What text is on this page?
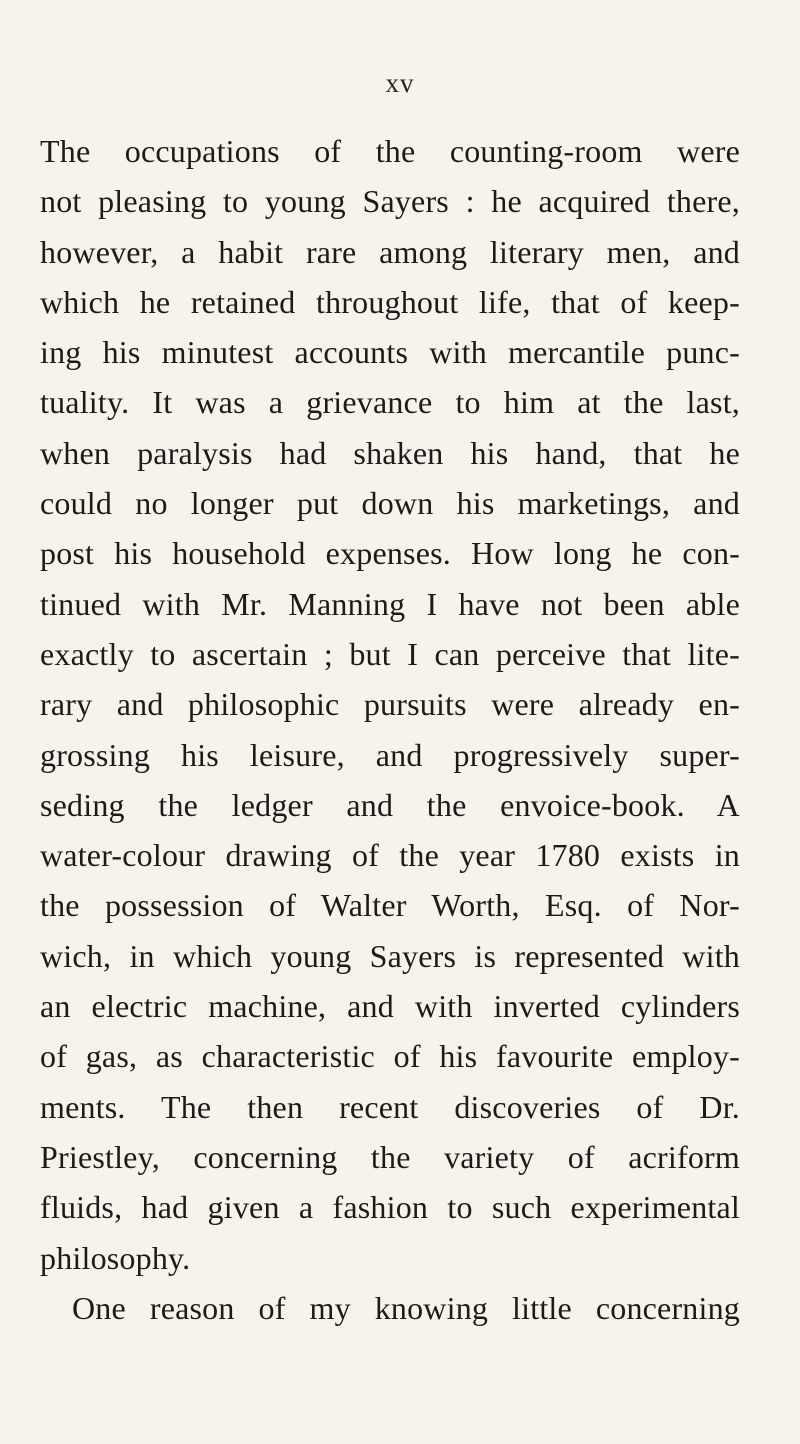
xv
The occupations of the counting-room were
not pleasing to young Sayers : he acquired there,
however, a habit rare among literary men, and
which he retained throughout life, that of keep-
ing his minutest accounts with mercantile punc-
tuality. It was a grievance to him at the last,
when paralysis had shaken his hand, that he
could no longer put down his marketings, and
post his household expenses. How long he con-
tinued with Mr. Manning I have not been able
exactly to ascertain ; but I can perceive that lite-
rary and philosophic pursuits were already en-
grossing his leisure, and progressively super-
seding the ledger and the envoice-book. A
water-colour drawing of the year 1780 exists in
the possession of Walter Worth, Esq. of Nor-
wich, in which young Sayers is represented with
an electric machine, and with inverted cylinders
of gas, as characteristic of his favourite employ-
ments. The then recent discoveries of Dr.
Priestley, concerning the variety of acriform
fluids, had given a fashion to such experimental
philosophy.
One reason of my knowing little concerning
